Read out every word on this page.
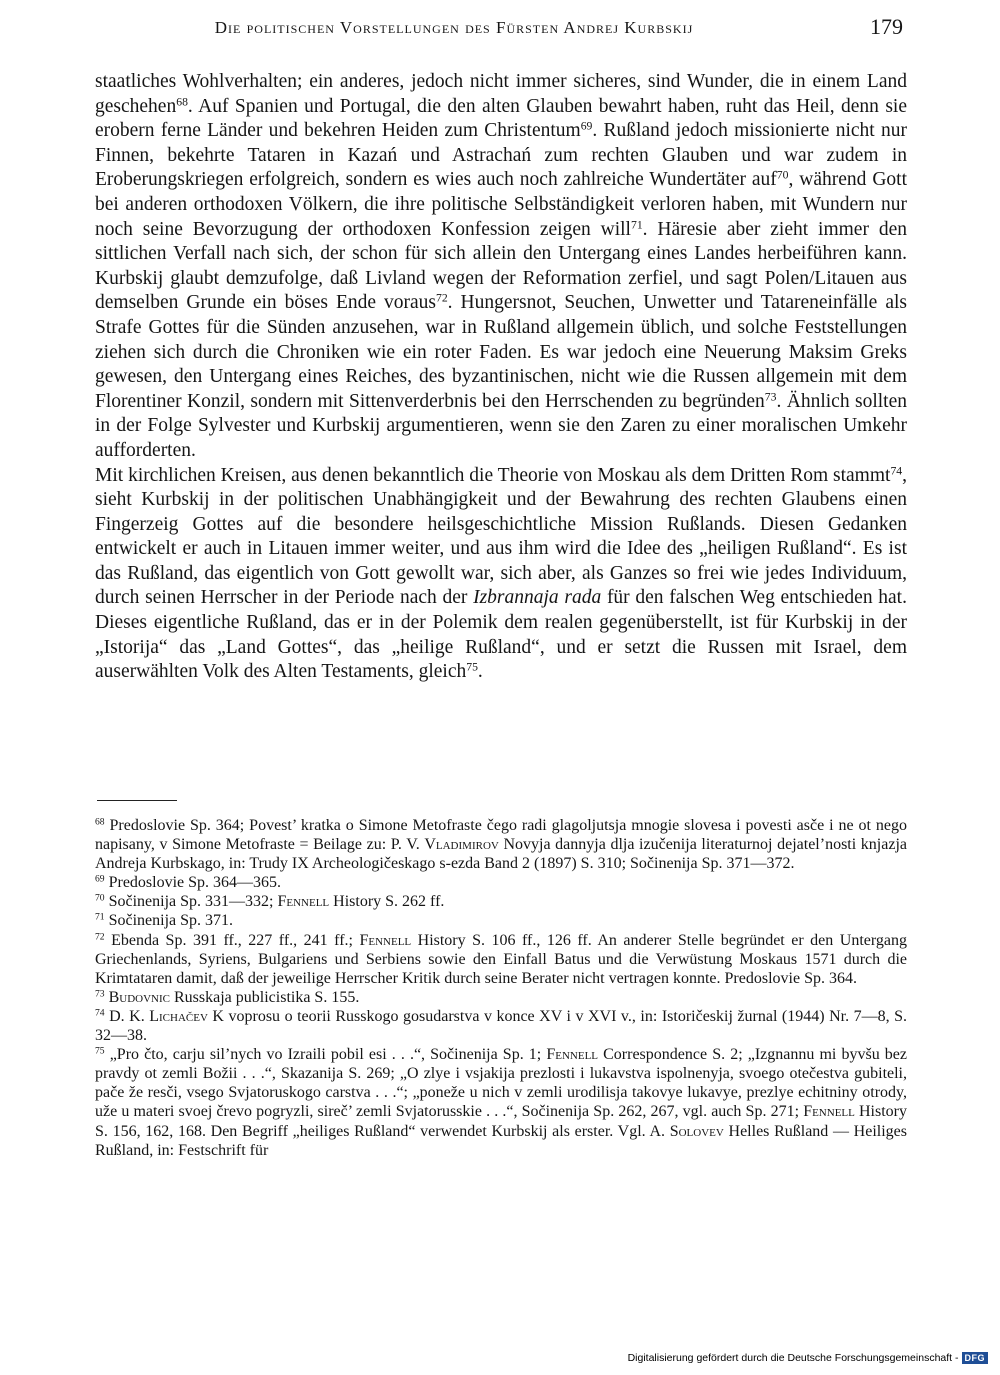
Die politischen Vorstellungen des Fürsten Andrej Kurbskij	179

staatliches Wohlverhalten; ein anderes, jedoch nicht immer sicheres, sind Wunder, die in einem Land geschehen$^{68}$. Auf Spanien und Portugal, die den alten Glauben bewahrt haben, ruht das Heil, denn sie erobern ferne Länder und bekehren Heiden zum Christentum$^{69}$. Rußland jedoch missionierte nicht nur Finnen, bekehrte Tataren in Kazań und Astrachań zum rechten Glauben und war zudem in Eroberungskriegen erfolgreich, sondern es wies auch noch zahlreiche Wundertäter auf$^{70}$, während Gott bei anderen orthodoxen Völkern, die ihre politische Selbständigkeit verloren haben, mit Wundern nur noch seine Bevorzugung der orthodoxen Konfession zeigen will$^{71}$. Häresie aber zieht immer den sittlichen Verfall nach sich, der schon für sich allein den Untergang eines Landes herbeiführen kann. Kurbskij glaubt demzufolge, daß Livland wegen der Reformation zerfiel, und sagt Polen/Litauen aus demselben Grunde ein böses Ende voraus$^{72}$. Hungersnot, Seuchen, Unwetter und Tatareneinfälle als Strafe Gottes für die Sünden anzusehen, war in Rußland allgemein üblich, und solche Feststellungen ziehen sich durch die Chroniken wie ein roter Faden. Es war jedoch eine Neuerung Maksim Greks gewesen, den Untergang eines Reiches, des byzantinischen, nicht wie die Russen allgemein mit dem Florentiner Konzil, sondern mit Sittenverderbnis bei den Herrschenden zu begründen$^{73}$. Ähnlich sollten in der Folge Sylvester und Kurbskij argumentieren, wenn sie den Zaren zu einer moralischen Umkehr aufforderten.

Mit kirchlichen Kreisen, aus denen bekanntlich die Theorie von Moskau als dem Dritten Rom stammt$^{74}$, sieht Kurbskij in der politischen Unabhängigkeit und der Bewahrung des rechten Glaubens einen Fingerzeig Gottes auf die besondere heilsgeschichtliche Mission Rußlands. Diesen Gedanken entwickelt er auch in Litauen immer weiter, und aus ihm wird die Idee des „heiligen Rußland“. Es ist das Rußland, das eigentlich von Gott gewollt war, sich aber, als Ganzes so frei wie jedes Individuum, durch seinen Herrscher in der Periode nach der Izbrannaja rada für den falschen Weg entschieden hat. Dieses eigentliche Rußland, das er in der Polemik dem realen gegenüberstellt, ist für Kurbskij in der „Istorija“ das „Land Gottes“, das „heilige Rußland“, und er setzt die Russen mit Israel, dem auserwählten Volk des Alten Testaments, gleich$^{75}$.

$^{68}$ Predoslovie Sp. 364; Povest’ kratka o Simone Metofraste čego radi glagoljutsja mnogie slovesa i povesti asče i ne ot nego napisany, v Simone Metofraste = Beilage zu: P. V. Vladimirov Novyja dannyja dlja izučenija literaturnoj dejatel’nosti knjazja Andreja Kurbskago, in: Trudy IX Archeologičeskago s-ezda Band 2 (1897) S. 310; Sočinenija Sp. 371—372.

$^{69}$ Predoslovie Sp. 364—365.

$^{70}$ Sočinenija Sp. 331—332; Fennell History S. 262 ff.

$^{71}$ Sočinenija Sp. 371.

$^{72}$ Ebenda Sp. 391 ff., 227 ff., 241 ff.; Fennell History S. 106 ff., 126 ff. An anderer Stelle begründet er den Untergang Griechenlands, Syriens, Bulgariens und Serbiens sowie den Einfall Batus und die Verwüstung Moskaus 1571 durch die Krimtataren damit, daß der jeweilige Herrscher Kritik durch seine Berater nicht vertragen konnte. Predoslovie Sp. 364.

$^{73}$ Budovnic Russkaja publicistika S. 155.

$^{74}$ D. K. Lichačev K voprosu o teorii Russkogo gosudarstva v konce XV i v XVI v., in: Istoričeskij žurnal (1944) Nr. 7—8, S. 32—38.

$^{75}$ „Pro čto, carju sil’nych vo Izraili pobil esi . . .“, Sočinenija Sp. 1; Fennell Correspondence S. 2; „Izgnannu mi byvšu bez pravdy ot zemli Božii . . .“, Skazanija S. 269; „O zlye i vsjakija prezlosti i lukavstva ispolnenyja, svoego otečestva gubiteli, pače že resči, vsego Svjatoruskogo carstva . . .“; „poneže u nich v zemli urodilisja takovye lukavye, prezlye echitniny otrody, uže u materi svoej črevo pogryzli, sireč’ zemli Svjatorusskie . . .“, Sočinenija Sp. 262, 267, vgl. auch Sp. 271; Fennell History S. 156, 162, 168. Den Begriff „heiliges Rußland“ verwendet Kurbskij als erster. Vgl. A. Solovev Helles Rußland — Heiliges Rußland, in: Festschrift für

Digitalisierung gefördert durch die Deutsche Forschungsgemeinschaft - DFG
